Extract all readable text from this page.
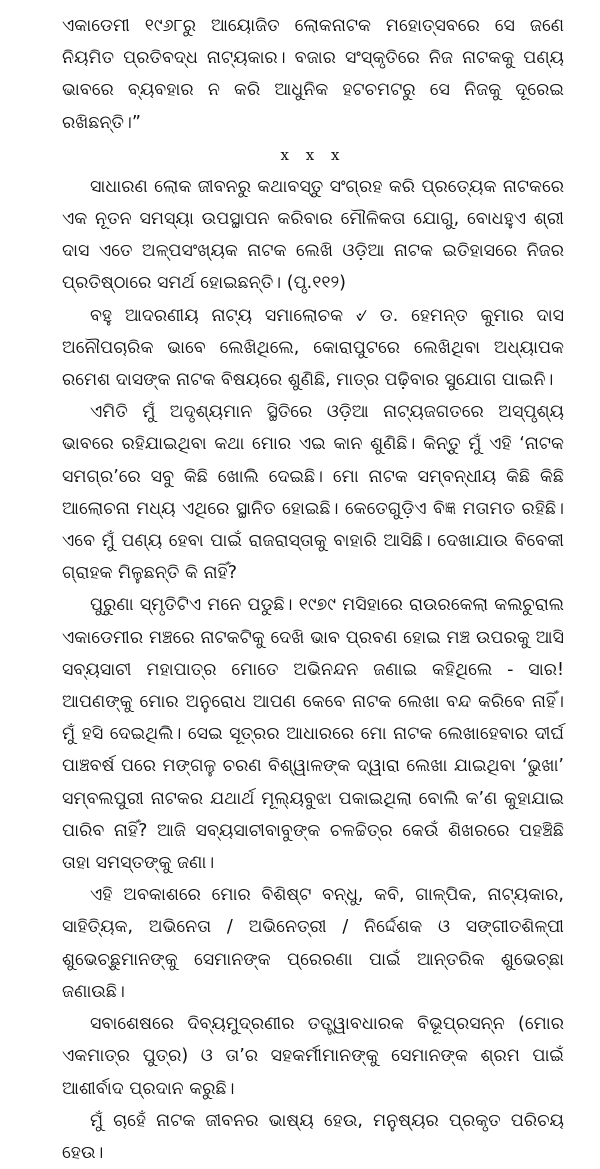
ଏକାଡେମୀ ୧୯୬୮ରୁ ଆୟୋଜିତ ଲୋକନାଟକ ମହୋତ୍ସବରେ ସେ ଜଣେ ନିୟମିତ ପ୍ରତିବଦ୍ଧ ନାଟ୍ୟକାର। ବଜାର ସଂସ୍କୃତିରେ ନିଜ ନାଟକକୁ ପଣ୍ୟ ଭାବରେ ବ୍ୟବହାର ନ କରି ଆଧୁନିକ ହଟଚମଟରୁ ସେ ନିଜକୁ ଦୂରେଇ ରଖିଛନ୍ତି।”

x x x

ସାଧାରଣ ଲୋକ ଜୀବନରୁ କଥାବସ୍ତୁ ସଂଗ୍ରହ କରି ପ୍ରତ୍ୟେକ ନାଟକରେ ଏକ ନୂତନ ସମସ୍ୟା ଉପସ୍ଥାପନ କରିବାର ମୌଳିକତା ଯୋଗୁ, ବୋଧହୁଏ ଶ୍ରୀ ଦାସ ଏତେ ଅଳ୍ପସଂଖ୍ୟକ ନାଟକ ଲେଖି ଓଡ଼ିଆ ନାଟକ ଇତିହାସରେ ନିଜର ପ୍ରତିଷ୍ଠାରେ ସମର୍ଥ ହୋଇଛନ୍ତି। (ପୃ.୧୧୨)

ବହୁ ଆଦରଣୀୟ ନାଟ୍ୟ ସମାଲୋଚକ ୰ ଡ. ହେମନ୍ତ କୁମାର ଦାସ ଅନୌପଚାରିକ ଭାବେ ଲେଖିଥିଲେ, କୋରାପୁଟରେ ଲେଖିଥିବା ଅଧ୍ୟାପକ ରମେଶ ଦାସଙ୍କ ନାଟକ ବିଷୟରେ ଶୁଣିଛି, ମାତ୍ର ପଢ଼ିବାର ସୁଯୋଗ ପାଇନି।

ଏମିତି ମୁଁ ଅଦୃଶ୍ୟମାନ ସ୍ଥିତିରେ ଓଡ଼ିଆ ନାଟ୍ୟଜଗତରେ ଅସ୍ପୃଶ୍ୟ ଭାବରେ ରହିଯାଇଥିବା କଥା ମୋର ଏଇ କାନ ଶୁଣିଛି। କିନ୍ତୁ ମୁଁ ଏହି ‘ନାଟକ ସମଗ୍ର’ରେ ସବୁ କିଛି ଖୋଲି ଦେଇଛି। ମୋ ନାଟକ ସମ୍ବନ୍ଧୀୟ କିଛି କିଛି ଆଲୋଚନା ମଧ୍ୟ ଏଥିରେ ସ୍ଥାନିତ ହୋଇଛି। କେତେଗୁଡ଼ିଏ ବିଜ୍ଞ ମତାମତ ରହିଛି। ଏବେ ମୁଁ ପଣ୍ୟ ହେବା ପାଇଁ ରାଜରାସ୍ତାକୁ ବାହାରି ଆସିଛି। ଦେଖାଯାଉ ବିବେକୀ ଗ୍ରାହକ ମିଳୁଛନ୍ତି କି ନାହିଁ?

ପୁରୁଣା ସ୍ମୃତିଟିଏ ମନେ ପଡୁଛି। ୧୯୭୯ ମସିହାରେ ରାଉରକେଲା କଲଚୁରାଲ ଏକାଡେମୀର ମଞ୍ଚରେ ନାଟକଟିକୁ ଦେଖି ଭାବ ପ୍ରବଣ ହୋଇ ମଞ୍ଚ ଉପରକୁ ଆସି ସବ୍ୟସାଚୀ ମହାପାତ୍ର ମୋତେ ଅଭିନନ୍ଦନ ଜଣାଇ କହିଥିଲେ - ସାର! ଆପଣଙ୍କୁ ମୋର ଅନୁରୋଧ ଆପଣ କେବେ ନାଟକ ଲେଖା ବନ୍ଦ କରିବେ ନାହିଁ। ମୁଁ ହସି ଦେଇଥିଲି। ସେଇ ସୂତ୍ରର ଆଧାରରେ ମୋ ନାଟକ ଲେଖାହେବାର ଦୀର୍ଘ ପାଞ୍ଚବର୍ଷ ପରେ ମଙ୍ଗଳୁ ଚରଣ ବିଶ୍ୱାଳଙ୍କ ଦ୍ୱାରା ଲେଖା ଯାଇଥିବା ‘ଭୁଖା’ ସମ୍ବଲପୁରୀ ନାଟକର ଯଥାର୍ଥ ମୂଲ୍ୟବୁଝା ପକାଇଥିଲା ବୋଲି କ’ଣ କୁହାଯାଇ ପାରିବ ନାହିଁ? ଆଜି ସବ୍ୟସାଚୀବାବୁଙ୍କ ଚଳଚ୍ଚିତ୍ର କେଉଁ ଶିଖରରେ ପହଞ୍ଚିଛି ତାହା ସମସ୍ତଙ୍କୁ ଜଣା।

ଏହି ଅବକାଶରେ ମୋର ବିଶିଷ୍ଟ ବନ୍ଧୁ, କବି, ଗାଳ୍ପିକ, ନାଟ୍ୟକାର, ସାହିତ୍ୟିକ, ଅଭିନେତା / ଅଭିନେତ୍ରୀ / ନିର୍ଦ୍ଦେଶକ ଓ ସଙ୍ଗୀତଶିଳ୍ପୀ ଶୁଭେଚ୍ଛୁମାନଙ୍କୁ ସେମାନଙ୍କ ପ୍ରେରଣା ପାଇଁ ଆନ୍ତରିକ ଶୁଭେଚ୍ଛା ଜଣାଉଛି।

ସବାଶେଷରେ ଦିବ୍ୟମୁଦ୍ରଣୀର ତତ୍ତ୍ୱାବଧାରକ ବିଭୂପ୍ରସନ୍ନ (ମୋର ଏକମାତ୍ର ପୁତ୍ର) ଓ ତା’ର ସହକର୍ମୀମାନଙ୍କୁ ସେମାନଙ୍କ ଶ୍ରମ ପାଇଁ ଆଶୀର୍ବାଦ ପ୍ରଦାନ କରୁଛି।

ମୁଁ ଚାହେଁ ନାଟକ ଜୀବନର ଭାଷ୍ୟ ହେଉ, ମନୁଷ୍ୟର ପ୍ରକୃତ ପରିଚୟ ହେଉ।
